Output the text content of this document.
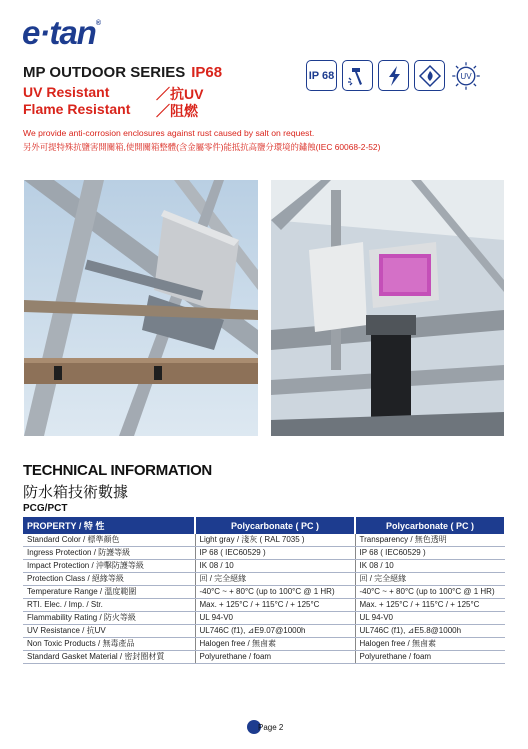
e·tan®
MP OUTDOOR SERIES IP68
UV Resistant	／抗UV
Flame Resistant ／阻燃
IP 68	UV
We provide anti-corrosion enclosures against rust caused by salt on request.
另外可提特殊抗鹽害開關箱,使開關箱整體(含金屬零件)能抵抗高鹽分環境的鏽蝕(IEC 60068-2-52)
TECHNICAL INFORMATION
防水箱技術數據
PCG/PCT
PROPERTY / 特 性	Polycarbonate ( PC )	Polycarbonate ( PC )
Standard Color / 標準顏色	Light gray / 淺灰 ( RAL 7035 )	Transparency / 無色透明
Ingress Protection / 防護等級	IP 68 ( IEC60529 )	IP 68 ( IEC60529 )
Impact Protection / 沖擊防護等級	IK 08 / 10	IK 08 / 10
Protection Class / 絕緣等級	回 / 完全絕緣	回 / 完全絕緣
Temperature Range / 溫度範圍	-40°C ~ + 80°C (up to 100°C @ 1 HR)	-40°C ~ + 80°C (up to 100°C @ 1 HR)
RTI. Elec. / Imp. / Str.	Max. + 125°C / + 115°C / + 125°C	Max. + 125°C / + 115°C / + 125°C
Flammability Rating / 防火等級	UL 94-V0	UL 94-V0
UV Resistance / 抗UV	UL746C (f1), ⊿E9.07@1000h	UL746C (f1), ⊿E5.8@1000h
Non Toxic Products / 無毒產品	Halogen free / 無鹵素	Halogen free / 無鹵素
Standard Gasket Material / 密封圈材質	Polyurethane / foam	Polyurethane / foam
Page 2
